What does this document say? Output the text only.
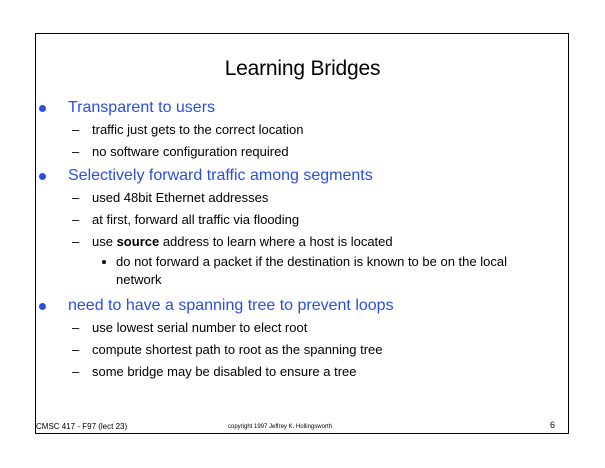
Learning Bridges
Transparent to users
– traffic just gets to the correct location
– no software configuration required
Selectively forward traffic among segments
– used 48bit Ethernet addresses
– at first, forward all traffic via flooding
– use source address to learn where a host is located
do not forward a packet if the destination is known to be on the local network
need to have a spanning tree to prevent loops
– use lowest serial number to elect root
– compute shortest path to root as the spanning tree
– some bridge may be disabled to ensure a tree
CMSC 417 - F97 (lect 23)	copyright 1997 Jeffrey K. Hollingsworth	6
